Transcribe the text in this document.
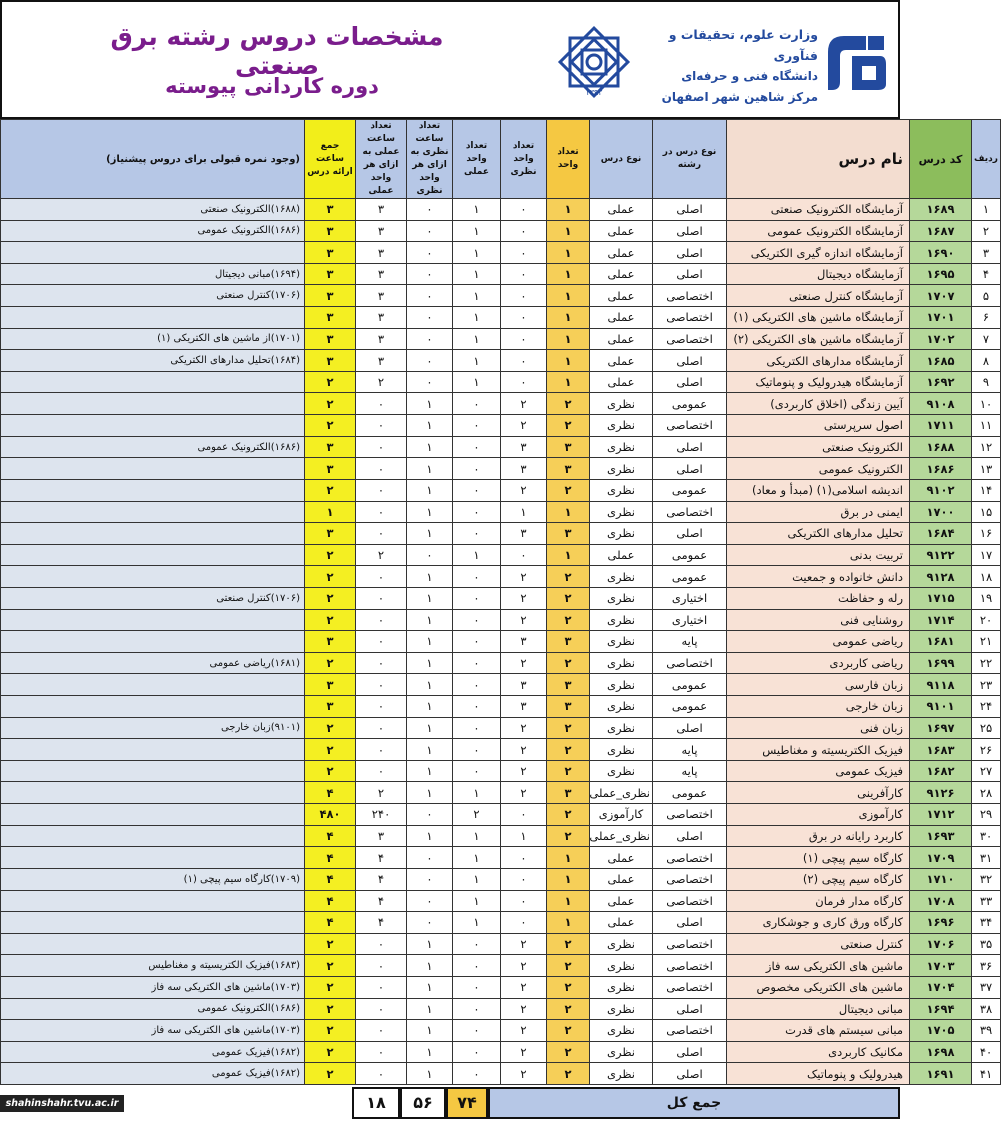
مشخصات دروس رشته برق صنعتی
دوره کاردانی پیوسته	۱۳۹۲
وزارت علوم، تحقیقات و فنآوری
دانشگاه فنی و حرفه‌ای
مرکز شاهین شهر اصفهان
ردیف	کد درس	نام درس	نوع درس در رشته	نوع درس	تعداد واحد	تعداد واحد نظری	تعداد واحد عملی	تعداد ساعت نظری به ازای هر واحد نظری	تعداد ساعت عملی به ازای هر واحد عملی	جمع ساعت ارائه درس	(وجود نمره قبولی برای دروس پیشنیاز)
۱	۱۶۸۹	آزمایشگاه الکترونیک صنعتی	اصلی	عملی	۱	۰	۱	۰	۳	۳	(۱۶۸۸)الکترونیک صنعتی
۲	۱۶۸۷	آزمایشگاه الکترونیک عمومی	اصلی	عملی	۱	۰	۱	۰	۳	۳	(۱۶۸۶)الکترونیک عمومی
۳	۱۶۹۰	آزمایشگاه اندازه گیری الکتریکی	اصلی	عملی	۱	۰	۱	۰	۳	۳	
۴	۱۶۹۵	آزمایشگاه دیجیتال	اصلی	عملی	۱	۰	۱	۰	۳	۳	(۱۶۹۴)مبانی دیجیتال
۵	۱۷۰۷	آزمایشگاه کنترل صنعتی	اختصاصی	عملی	۱	۰	۱	۰	۳	۳	(۱۷۰۶)کنترل صنعتی
۶	۱۷۰۱	آزمایشگاه ماشین های الکتریکی (۱)	اختصاصی	عملی	۱	۰	۱	۰	۳	۳	
۷	۱۷۰۲	آزمایشگاه ماشین های الکتریکی (۲)	اختصاصی	عملی	۱	۰	۱	۰	۳	۳	(۱۷۰۱)از ماشین های الکتریکی (۱)
۸	۱۶۸۵	آزمایشگاه مدارهای الکتریکی	اصلی	عملی	۱	۰	۱	۰	۳	۳	(۱۶۸۴)تحلیل مدارهای الکتریکی
۹	۱۶۹۲	آزمایشگاه هیدرولیک و پنوماتیک	اصلی	عملی	۱	۰	۱	۰	۲	۲	
۱۰	۹۱۰۸	آیین زندگی (اخلاق کاربردی)	عمومی	نظری	۲	۲	۰	۱	۰	۲	
۱۱	۱۷۱۱	اصول سرپرستی	اختصاصی	نظری	۲	۲	۰	۱	۰	۲	
۱۲	۱۶۸۸	الکترونیک صنعتی	اصلی	نظری	۳	۳	۰	۱	۰	۳	(۱۶۸۶)الکترونیک عمومی
۱۳	۱۶۸۶	الکترونیک عمومی	اصلی	نظری	۳	۳	۰	۱	۰	۳	
۱۴	۹۱۰۲	اندیشه اسلامی(۱) (مبدأ و معاد)	عمومی	نظری	۲	۲	۰	۱	۰	۲	
۱۵	۱۷۰۰	ایمنی در برق	اختصاصی	نظری	۱	۱	۰	۱	۰	۱	
۱۶	۱۶۸۴	تحلیل مدارهای الکتریکی	اصلی	نظری	۳	۳	۰	۱	۰	۳	
۱۷	۹۱۲۲	تربیت بدنی	عمومی	عملی	۱	۰	۱	۰	۲	۲	
۱۸	۹۱۲۸	دانش خانواده و جمعیت	عمومی	نظری	۲	۲	۰	۱	۰	۲	
۱۹	۱۷۱۵	رله و حفاظت	اختیاری	نظری	۲	۲	۰	۱	۰	۲	(۱۷۰۶)کنترل صنعتی
۲۰	۱۷۱۴	روشنایی فنی	اختیاری	نظری	۲	۲	۰	۱	۰	۲	
۲۱	۱۶۸۱	ریاضی عمومی	پایه	نظری	۳	۳	۰	۱	۰	۳	
۲۲	۱۶۹۹	ریاضی کاربردی	اختصاصی	نظری	۲	۲	۰	۱	۰	۲	(۱۶۸۱)ریاضی عمومی
۲۳	۹۱۱۸	زبان فارسی	عمومی	نظری	۳	۳	۰	۱	۰	۳	
۲۴	۹۱۰۱	زبان خارجی	عمومی	نظری	۳	۳	۰	۱	۰	۳	
۲۵	۱۶۹۷	زبان فنی	اصلی	نظری	۲	۲	۰	۱	۰	۲	(۹۱۰۱)زبان خارجی
۲۶	۱۶۸۳	فیزیک الکتریسیته و مغناطیس	پایه	نظری	۲	۲	۰	۱	۰	۲	
۲۷	۱۶۸۲	فیزیک عمومی	پایه	نظری	۲	۲	۰	۱	۰	۲	
۲۸	۹۱۲۶	کارآفرینی	عمومی	نظری_عملی	۳	۲	۱	۱	۲	۴	
۲۹	۱۷۱۲	کارآموزی	اختصاصی	کارآموزی	۲	۰	۲	۰	۲۴۰	۴۸۰	
۳۰	۱۶۹۳	کاربرد رایانه در برق	اصلی	نظری_عملی	۲	۱	۱	۱	۳	۴	
۳۱	۱۷۰۹	کارگاه سیم پیچی (۱)	اختصاصی	عملی	۱	۰	۱	۰	۴	۴	
۳۲	۱۷۱۰	کارگاه سیم پیچی (۲)	اختصاصی	عملی	۱	۰	۱	۰	۴	۴	(۱۷۰۹)کارگاه سیم پیچی (۱)
۳۳	۱۷۰۸	کارگاه مدار فرمان	اختصاصی	عملی	۱	۰	۱	۰	۴	۴	
۳۴	۱۶۹۶	کارگاه ورق کاری و جوشکاری	اصلی	عملی	۱	۰	۱	۰	۴	۴	
۳۵	۱۷۰۶	کنترل صنعتی	اختصاصی	نظری	۲	۲	۰	۱	۰	۲	
۳۶	۱۷۰۳	ماشین های الکتریکی سه فاز	اختصاصی	نظری	۲	۲	۰	۱	۰	۲	(۱۶۸۳)فیزیک الکتریسیته و مغناطیس
۳۷	۱۷۰۴	ماشین های الکتریکی مخصوص	اختصاصی	نظری	۲	۲	۰	۱	۰	۲	(۱۷۰۳)ماشین های الکتریکی سه فاز
۳۸	۱۶۹۴	مبانی دیجیتال	اصلی	نظری	۲	۲	۰	۱	۰	۲	(۱۶۸۶)الکترونیک عمومی
۳۹	۱۷۰۵	مبانی سیستم های قدرت	اختصاصی	نظری	۲	۲	۰	۱	۰	۲	(۱۷۰۳)ماشین های الکتریکی سه فاز
۴۰	۱۶۹۸	مکانیک کاربردی	اصلی	نظری	۲	۲	۰	۱	۰	۲	(۱۶۸۲)فیزیک عمومی
۴۱	۱۶۹۱	هیدرولیک و پنوماتیک	اصلی	نظری	۲	۲	۰	۱	۰	۲	(۱۶۸۲)فیزیک عمومی
shahinshahr.tvu.ac.ir	۱۸	۵۶	۷۴	جمع کل
